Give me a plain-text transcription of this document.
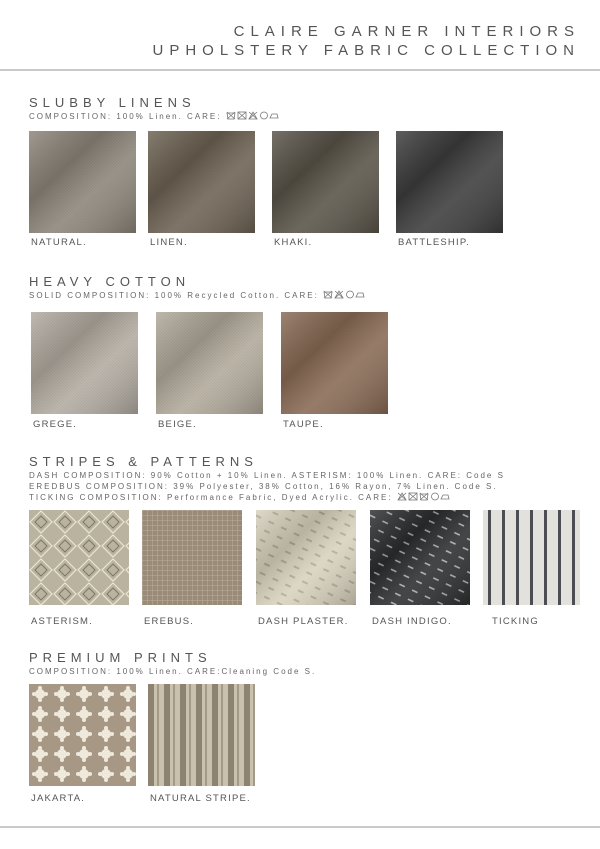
CLAIRE GARNER INTERIORS
UPHOLSTERY FABRIC COLLECTION
SLUBBY LINENS
COMPOSITION: 100% Linen. CARE:
NATURAL.	LINEN.	KHAKI.	BATTLESHIP.
HEAVY COTTON
SOLID COMPOSITION: 100% Recycled Cotton. CARE:
GREGE.	BEIGE.	TAUPE.
STRIPES & PATTERNS
DASH COMPOSITION: 90% Cotton + 10% Linen. ASTERISM: 100% Linen. CARE: Code S
EREDBUS COMPOSITION: 39% Polyester, 38% Cotton, 16% Rayon, 7% Linen. Code S.
TICKING COMPOSITION: Performance Fabric, Dyed Acrylic. CARE:
ASTERISM.	EREBUS.	DASH PLASTER. DASH INDIGO.	TICKING
PREMIUM PRINTS
COMPOSITION: 100% Linen. CARE:Cleaning Code S.
JAKARTA.	NATURAL STRIPE.
